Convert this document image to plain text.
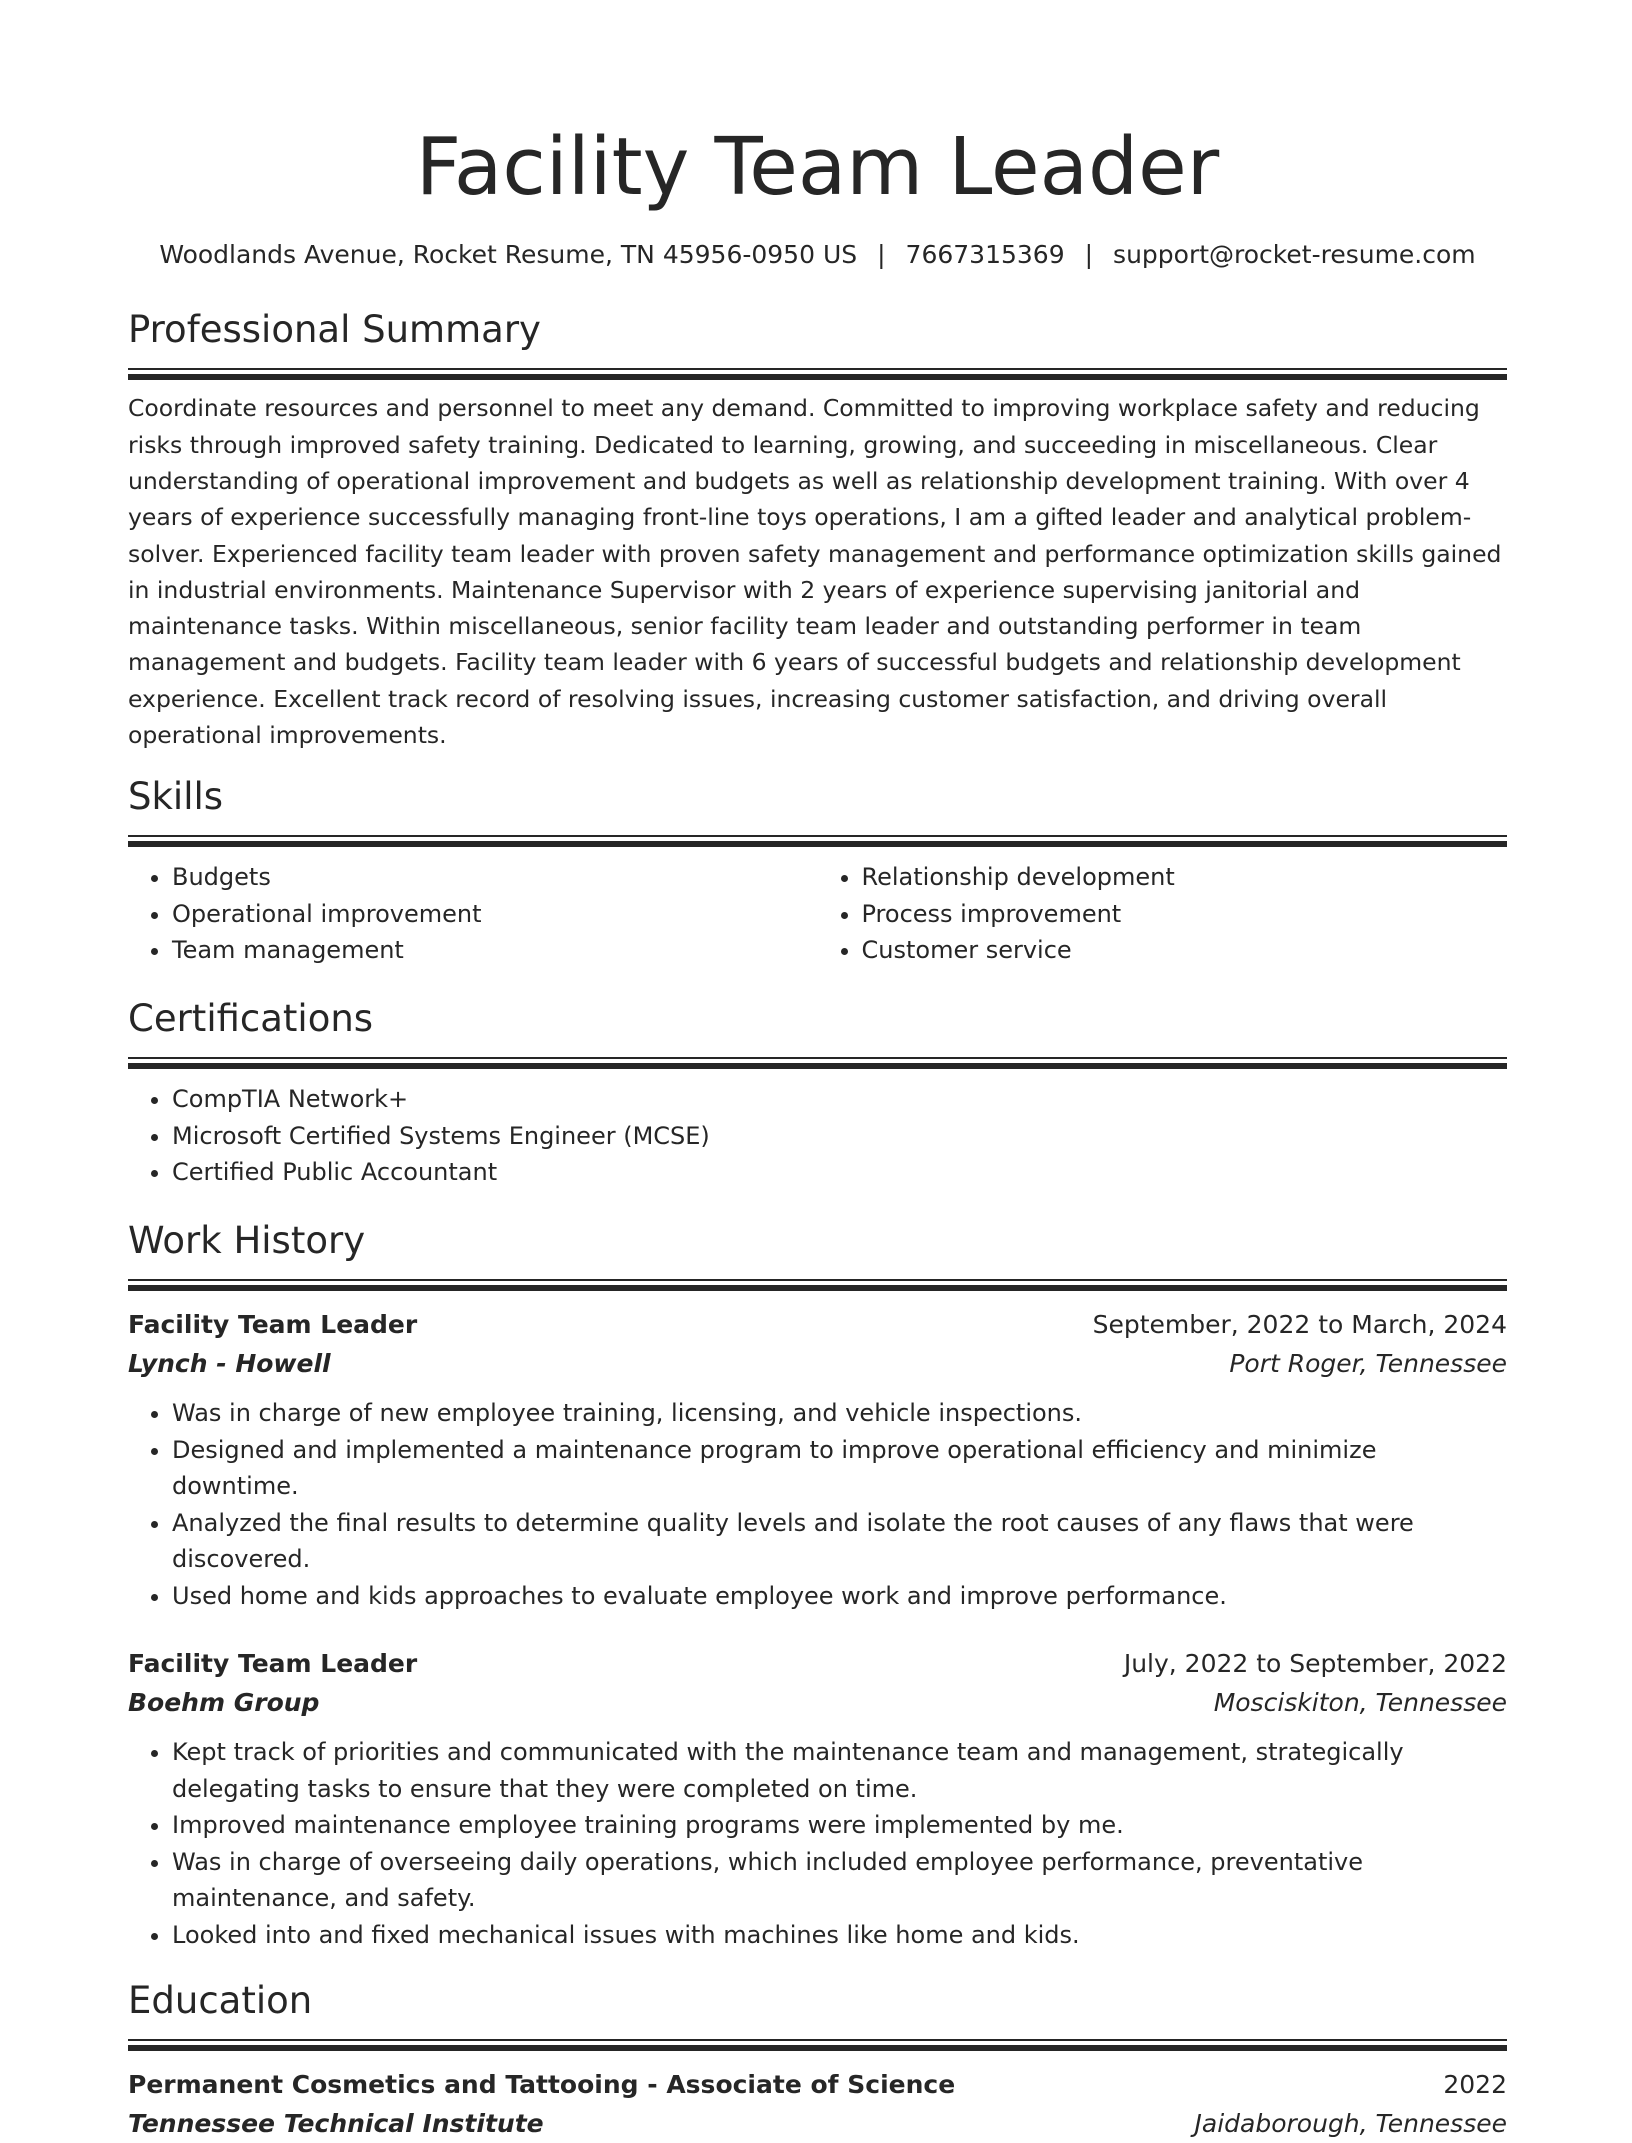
Facility Team Leader
Woodlands Avenue, Rocket Resume, TN 45956-0950 US | 7667315369 | support@rocket-resume.com
Professional Summary

Coordinate resources and personnel to meet any demand. Committed to improving workplace safety and reducing risks through improved safety training. Dedicated to learning, growing, and succeeding in miscellaneous. Clear understanding of operational improvement and budgets as well as relationship development training. With over 4 years of experience successfully managing front-line toys operations, I am a gifted leader and analytical problem-solver. Experienced facility team leader with proven safety management and performance optimization skills gained in industrial environments. Maintenance Supervisor with 2 years of experience supervising janitorial and maintenance tasks. Within miscellaneous, senior facility team leader and outstanding performer in team management and budgets. Facility team leader with 6 years of successful budgets and relationship development experience. Excellent track record of resolving issues, increasing customer satisfaction, and driving overall operational improvements.

Skills
• Budgets
• Operational improvement
• Team management
• Relationship development
• Process improvement
• Customer service
Certifications
• CompTIA Network+
• Microsoft Certified Systems Engineer (MCSE)
• Certified Public Accountant
Work History
Facility Team Leader	September, 2022 to March, 2024
Lynch - Howell	Port Roger, Tennessee
• Was in charge of new employee training, licensing, and vehicle inspections.
• Designed and implemented a maintenance program to improve operational efficiency and minimize downtime.
• Analyzed the final results to determine quality levels and isolate the root causes of any flaws that were discovered.
• Used home and kids approaches to evaluate employee work and improve performance.
Facility Team Leader	July, 2022 to September, 2022
Boehm Group	Mosciskiton, Tennessee
• Kept track of priorities and communicated with the maintenance team and management, strategically delegating tasks to ensure that they were completed on time.
• Improved maintenance employee training programs were implemented by me.
• Was in charge of overseeing daily operations, which included employee performance, preventative maintenance, and safety.
• Looked into and fixed mechanical issues with machines like home and kids.
Education
Permanent Cosmetics and Tattooing - Associate of Science	2022
Tennessee Technical Institute	Jaidaborough, Tennessee
